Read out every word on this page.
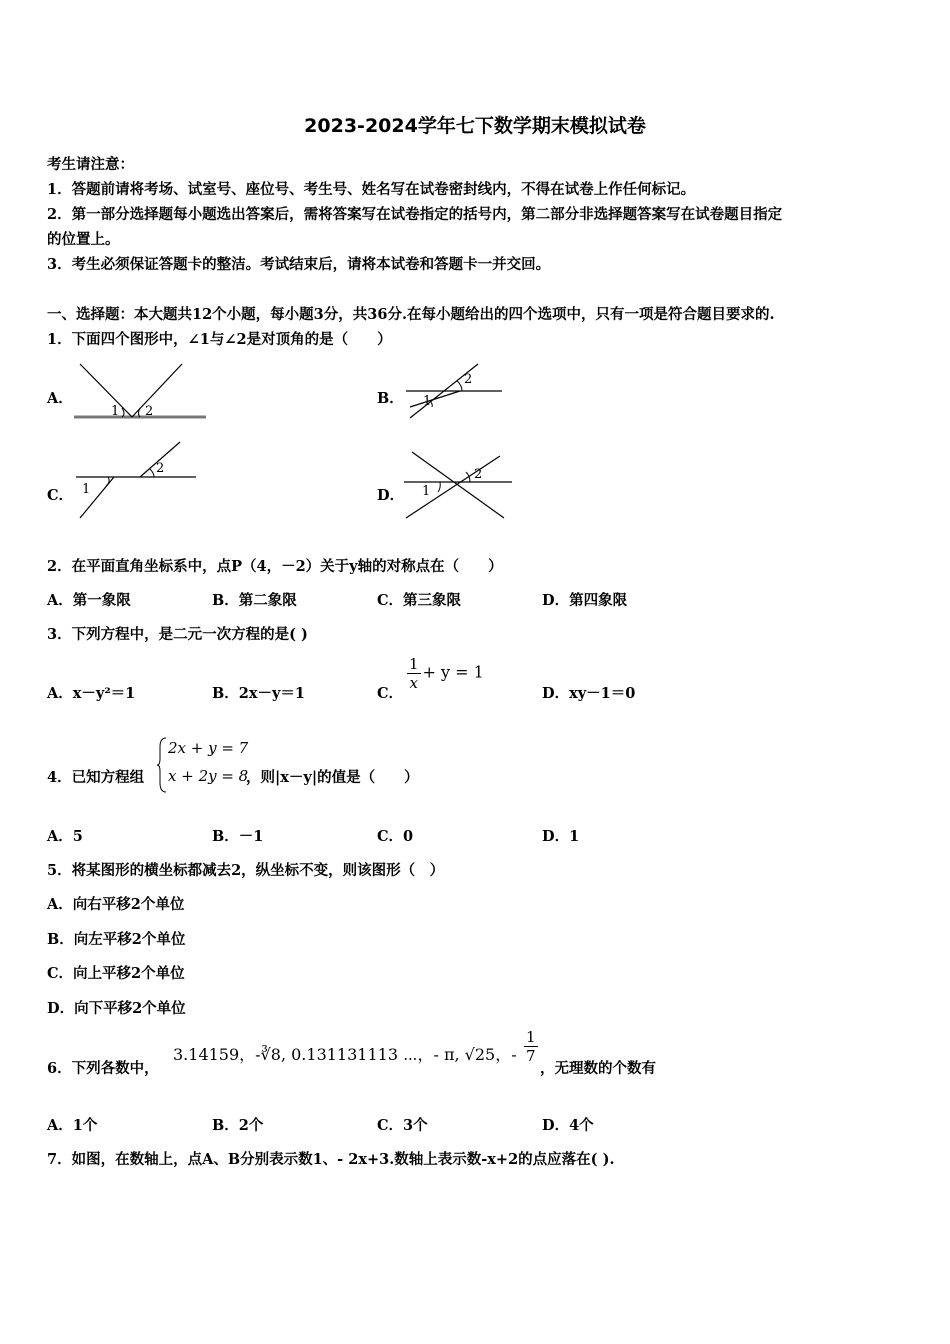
2023-2024学年七下数学期末模拟试卷
考生请注意：
1．答题前请将考场、试室号、座位号、考生号、姓名写在试卷密封线内，不得在试卷上作任何标记。
2．第一部分选择题每小题选出答案后，需将答案写在试卷指定的括号内，第二部分非选择题答案写在试卷题目指定
的位置上。
3．考生必须保证答题卡的整洁。考试结束后，请将本试卷和答题卡一并交回。
一、选择题：本大题共12个小题，每小题3分，共36分.在每小题给出的四个选项中，只有一项是符合题目要求的.
1．下面四个图形中，∠1与∠2是对顶角的是（　　）
A．
1 2
B． 1
2
C． 1
2
D． 1
2
2．在平面直角坐标系中，点P（4，－2）关于y轴的对称点在（　　）
A．第一象限	B．第二象限	C．第三象限	D．第四象限
3．下列方程中，是二元一次方程的是( )
A．x－y²＝1	B．2x－y＝1	C．
$\frac{1}{x} + y = 1$
D．xy－1＝0
4．已知方程组
2x + y = 7
x + 2y = 8
，则|x－y|的值是（　　）
A．5	B．－1	C．0	D．1
5．将某图形的横坐标都减去2，纵坐标不变，则该图形（　）
A．向右平移2个单位
B．向左平移2个单位
C．向上平移2个单位
D．向下平移2个单位
6．下列各数中，
3.14159，-∛8, 0.131131113 ⋯，- π, √25，- $\frac{1}{7}$
，无理数的个数有
A．1个	B．2个	C．3个	D．4个
7．如图，在数轴上，点A、B分别表示数1、- 2x+3.数轴上表示数-x+2的点应落在( ).
